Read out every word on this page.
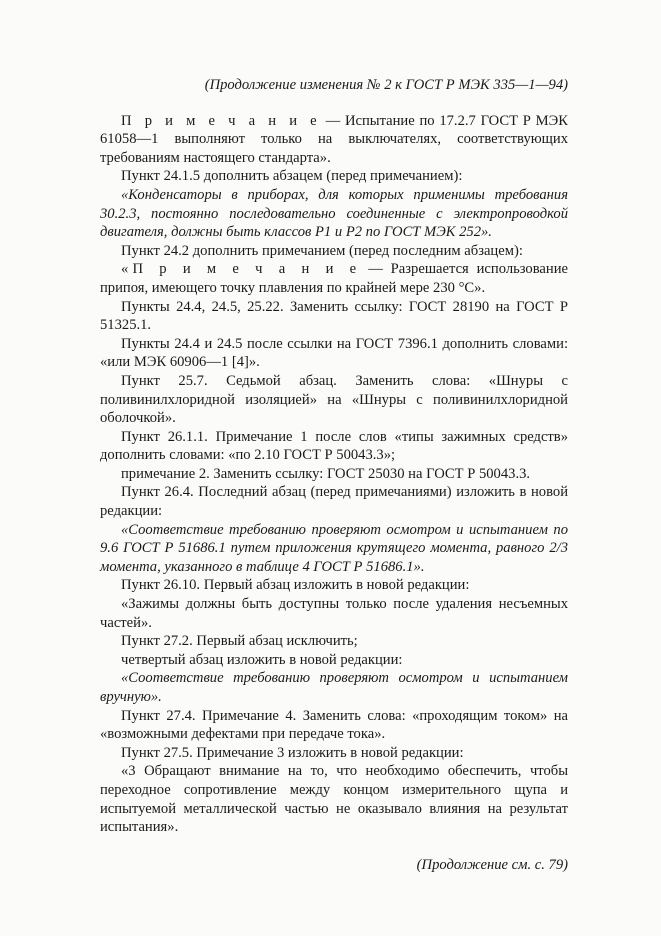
(Продолжение изменения № 2 к ГОСТ Р МЭК 335—1—94)

П р и м е ч а н и е — Испытание по 17.2.7 ГОСТ Р МЭК 61058—1 выполняют только на выключателях, соответствующих требованиям настоящего стандарта».

Пункт 24.1.5 дополнить абзацем (перед примечанием):

«Конденсаторы в приборах, для которых применимы требования 30.2.3, постоянно последовательно соединенные с электропроводкой двигателя, должны быть классов Р1 и Р2 по ГОСТ МЭК 252».

Пункт 24.2 дополнить примечанием (перед последним абзацем):

«П р и м е ч а н и е — Разрешается использование припоя, имеющего точку плавления по крайней мере 230 °С».

Пункты 24.4, 24.5, 25.22. Заменить ссылку: ГОСТ 28190 на ГОСТ Р 51325.1.

Пункты 24.4 и 24.5 после ссылки на ГОСТ 7396.1 дополнить словами: «или МЭК 60906—1 [4]».

Пункт 25.7. Седьмой абзац. Заменить слова: «Шнуры с поливинилхлоридной изоляцией» на «Шнуры с поливинилхлоридной оболочкой».

Пункт 26.1.1. Примечание 1 после слов «типы зажимных средств» дополнить словами: «по 2.10 ГОСТ Р 50043.3»;

примечание 2. Заменить ссылку: ГОСТ 25030 на ГОСТ Р 50043.3.

Пункт 26.4. Последний абзац (перед примечаниями) изложить в новой редакции:

«Соответствие требованию проверяют осмотром и испытанием по 9.6 ГОСТ Р 51686.1 путем приложения крутящего момента, равного 2/3 момента, указанного в таблице 4 ГОСТ Р 51686.1».

Пункт 26.10. Первый абзац изложить в новой редакции:

«Зажимы должны быть доступны только после удаления несъемных частей».

Пункт 27.2. Первый абзац исключить;

четвертый абзац изложить в новой редакции:

«Соответствие требованию проверяют осмотром и испытанием вручную».

Пункт 27.4. Примечание 4. Заменить слова: «проходящим током» на «возможными дефектами при передаче тока».

Пункт 27.5. Примечание 3 изложить в новой редакции:

«3 Обращают внимание на то, что необходимо обеспечить, чтобы переходное сопротивление между концом измерительного щупа и испытуемой металлической частью не оказывало влияния на результат испытания».

(Продолжение см. с. 79)
